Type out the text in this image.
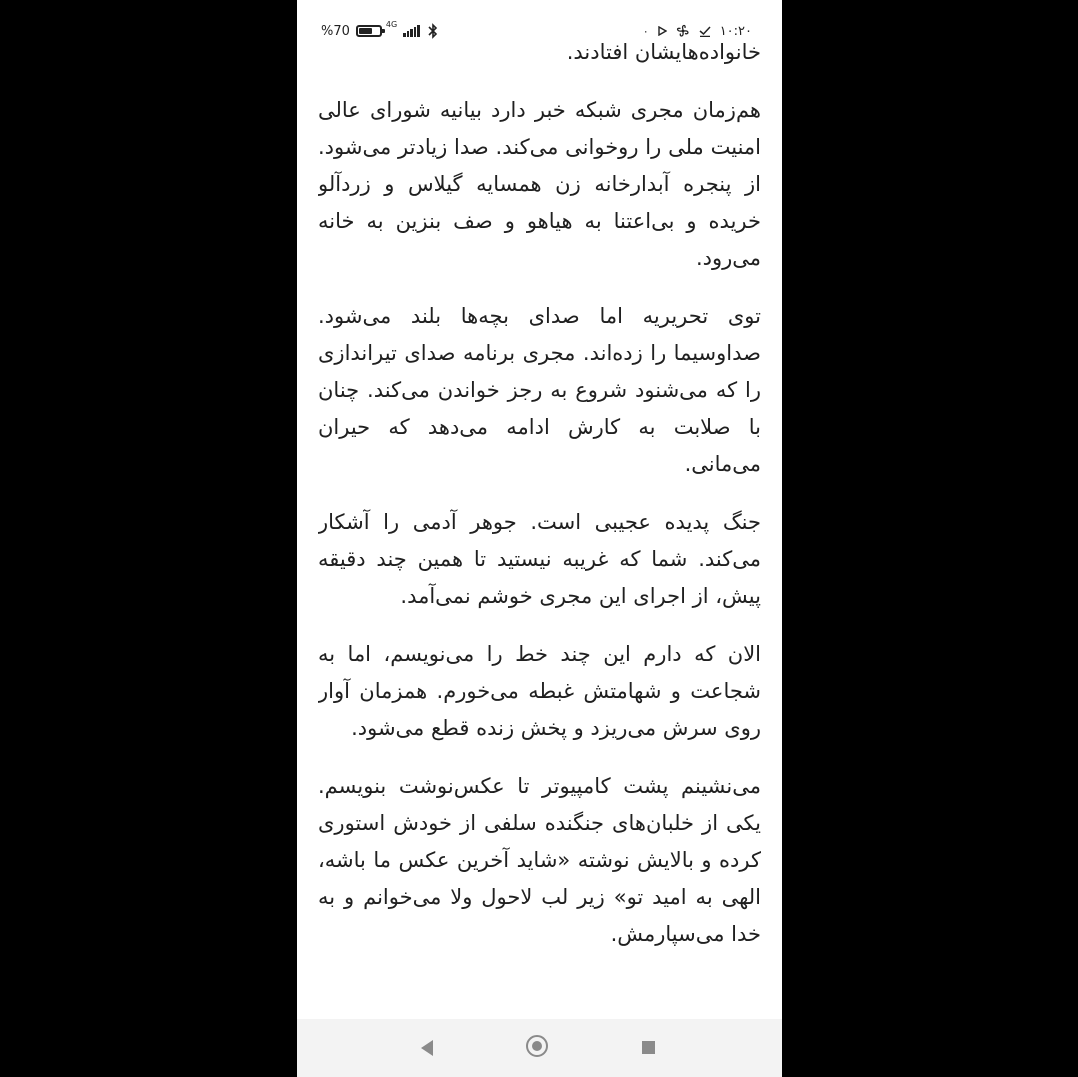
%70	4G	۰	۱۰:۲۰

خانواده‌هایشان افتادند.

هم‌زمان مجری شبکه خبر دارد بیانیه شورای عالی امنیت ملی را روخوانی می‌کند. صدا زیادتر می‌شود. از پنجره آبدارخانه زن همسایه گیلاس و زردآلو خریده و بی‌اعتنا به هیاهو و صف بنزین به خانه می‌رود.

توی تحریریه اما صدای بچه‌ها بلند می‌شود. صداوسیما را زده‌اند. مجری برنامه صدای تیراندازی را که می‌شنود شروع به رجز خواندن می‌کند. چنان با صلابت به کارش ادامه می‌دهد که حیران می‌مانی.

جنگ پدیده عجیبی است. جوهر آدمی را آشکار می‌کند. شما که غریبه نیستید تا همین چند دقیقه پیش، از اجرای این مجری خوشم نمی‌آمد.

الان که دارم این چند خط را می‌نویسم، اما به شجاعت و شهامتش غبطه می‌خورم. همزمان آوار روی سرش می‌ریزد و پخش زنده قطع می‌شود.

می‌نشینم پشت کامپیوتر تا عکس‌نوشت بنویسم. یکی از خلبان‌های جنگنده سلفی از خودش استوری کرده و بالایش نوشته «شاید آخرین عکس ما باشه، الهی به امید تو» زیر لب لاحول ولا می‌خوانم و به خدا می‌سپارمش.
